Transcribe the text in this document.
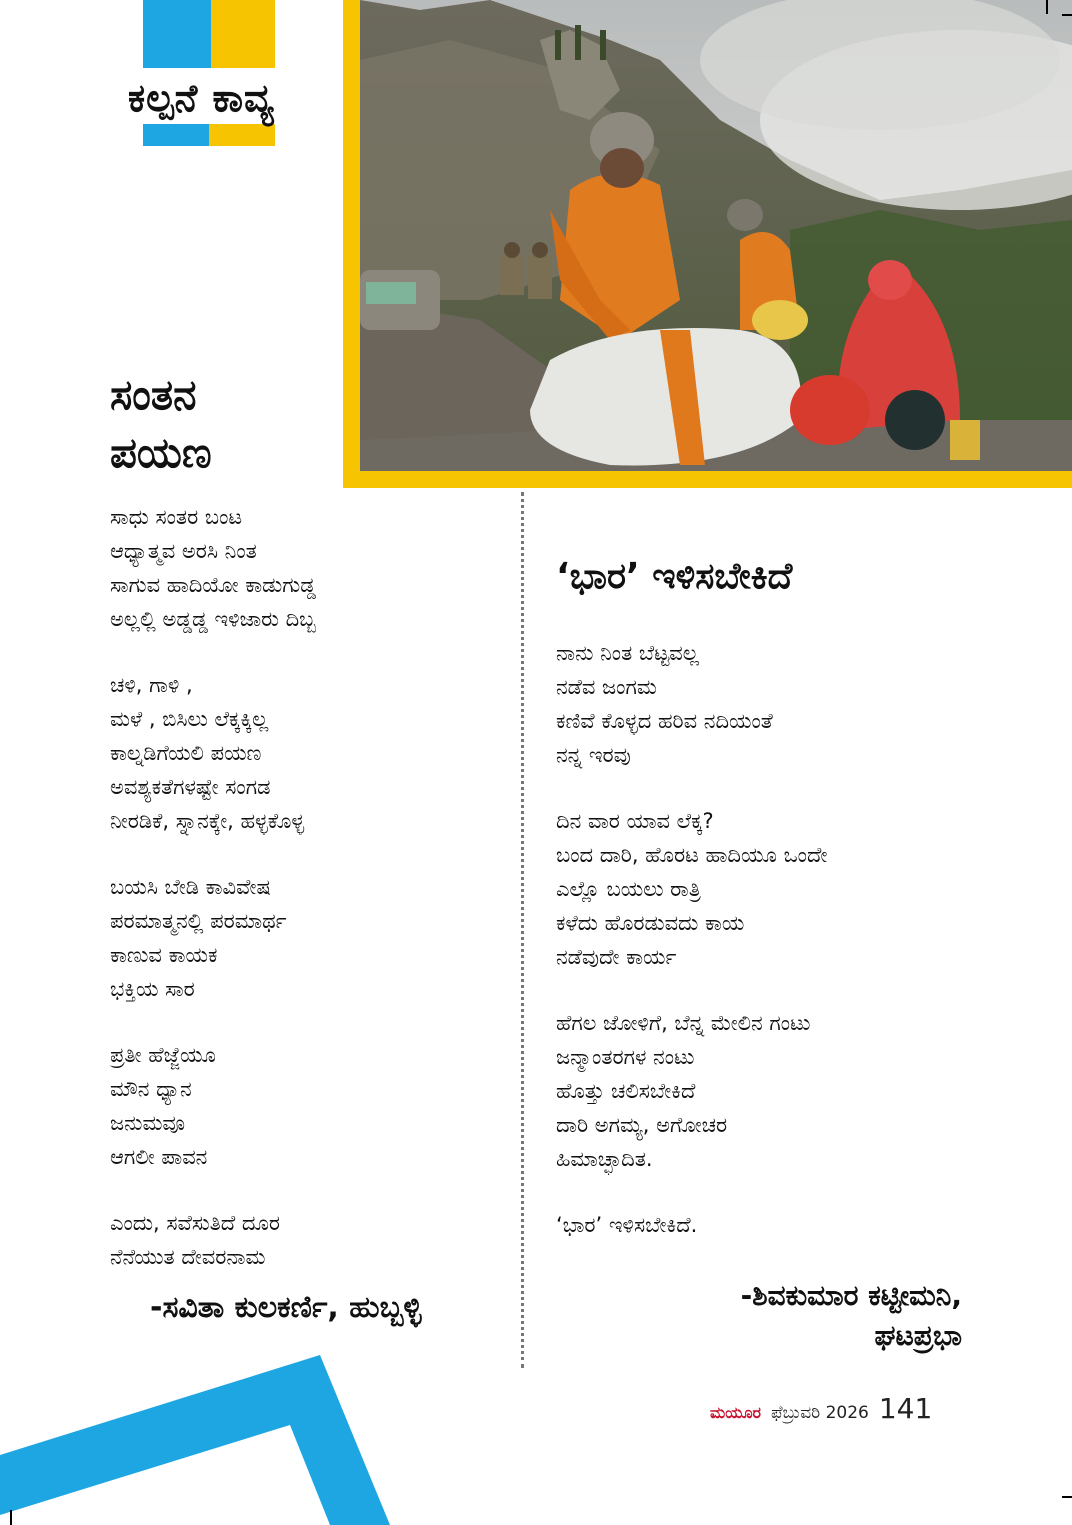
ಕಲ್ಪನೆ ಕಾವ್ಯ
ಸಂತನ
ಪಯಣ
ಸಾಧು ಸಂತರ ಬಂಟ
ಆಧ್ಯಾತ್ಮವ ಅರಸಿ ನಿಂತ
ಸಾಗುವ ಹಾದಿಯೋ ಕಾಡುಗುಡ್ಡ
ಅಲ್ಲಲ್ಲಿ ಅಡ್ಡಡ್ಡ ಇಳಿಜಾರು ದಿಬ್ಬ
ಚಳಿ, ಗಾಳಿ ,
ಮಳೆ , ಬಿಸಿಲು ಲೆಕ್ಕಕ್ಕಿಲ್ಲ
ಕಾಲ್ನಡಿಗೆಯಲಿ ಪಯಣ
ಅವಶ್ಯಕತೆಗಳಷ್ಟೇ ಸಂಗಡ
ನೀರಡಿಕೆ, ಸ್ನಾನಕ್ಕೇ, ಹಳ್ಳಕೊಳ್ಳ
ಬಯಸಿ ಬೇಡಿ ಕಾವಿವೇಷ
ಪರಮಾತ್ಮನಲ್ಲಿ ಪರಮಾರ್ಥ
ಕಾಣುವ ಕಾಯಕ
ಭಕ್ತಿಯ ಸಾರ
ಪ್ರತೀ ಹೆಜ್ಜೆಯೂ
ಮೌನ ಧ್ಯಾನ
ಜನುಮವೂ
ಆಗಲೀ ಪಾವನ
ಎಂದು, ಸವೆಸುತಿದೆ ದೂರ
ನೆನೆಯುತ ದೇವರನಾಮ
-ಸವಿತಾ ಕುಲಕರ್ಣಿ, ಹುಬ್ಬಳ್ಳಿ
‘ಭಾರ’ ಇಳಿಸಬೇಕಿದೆ
ನಾನು ನಿಂತ ಬೆಟ್ಟವಲ್ಲ
ನಡೆವ ಜಂಗಮ
ಕಣಿವೆ ಕೊಳ್ಳದ ಹರಿವ ನದಿಯಂತೆ
ನನ್ನ ಇರವು
ದಿನ ವಾರ ಯಾವ ಲೆಕ್ಕ?
ಬಂದ ದಾರಿ, ಹೊರಟ ಹಾದಿಯೂ ಒಂದೇ
ಎಲ್ಲೊ ಬಯಲು ರಾತ್ರಿ
ಕಳೆದು ಹೊರಡುವದು ಕಾಯ
ನಡೆವುದೇ ಕಾರ್ಯ
ಹೆಗಲ ಜೋಳಿಗೆ, ಬೆನ್ನ ಮೇಲಿನ ಗಂಟು
ಜನ್ಮಾಂತರಗಳ ನಂಟು
ಹೊತ್ತು ಚಲಿಸಬೇಕಿದೆ
ದಾರಿ ಅಗಮ್ಯ, ಅಗೋಚರ
ಹಿಮಾಚ್ಛಾದಿತ.
‘ಭಾರ’ ಇಳಿಸಬೇಕಿದೆ.
-ಶಿವಕುಮಾರ ಕಟ್ಟೀಮನಿ,
ಘಟಪ್ರಭಾ
ಮಯೂರ ಫೆಬ್ರುವರಿ 2026 141
